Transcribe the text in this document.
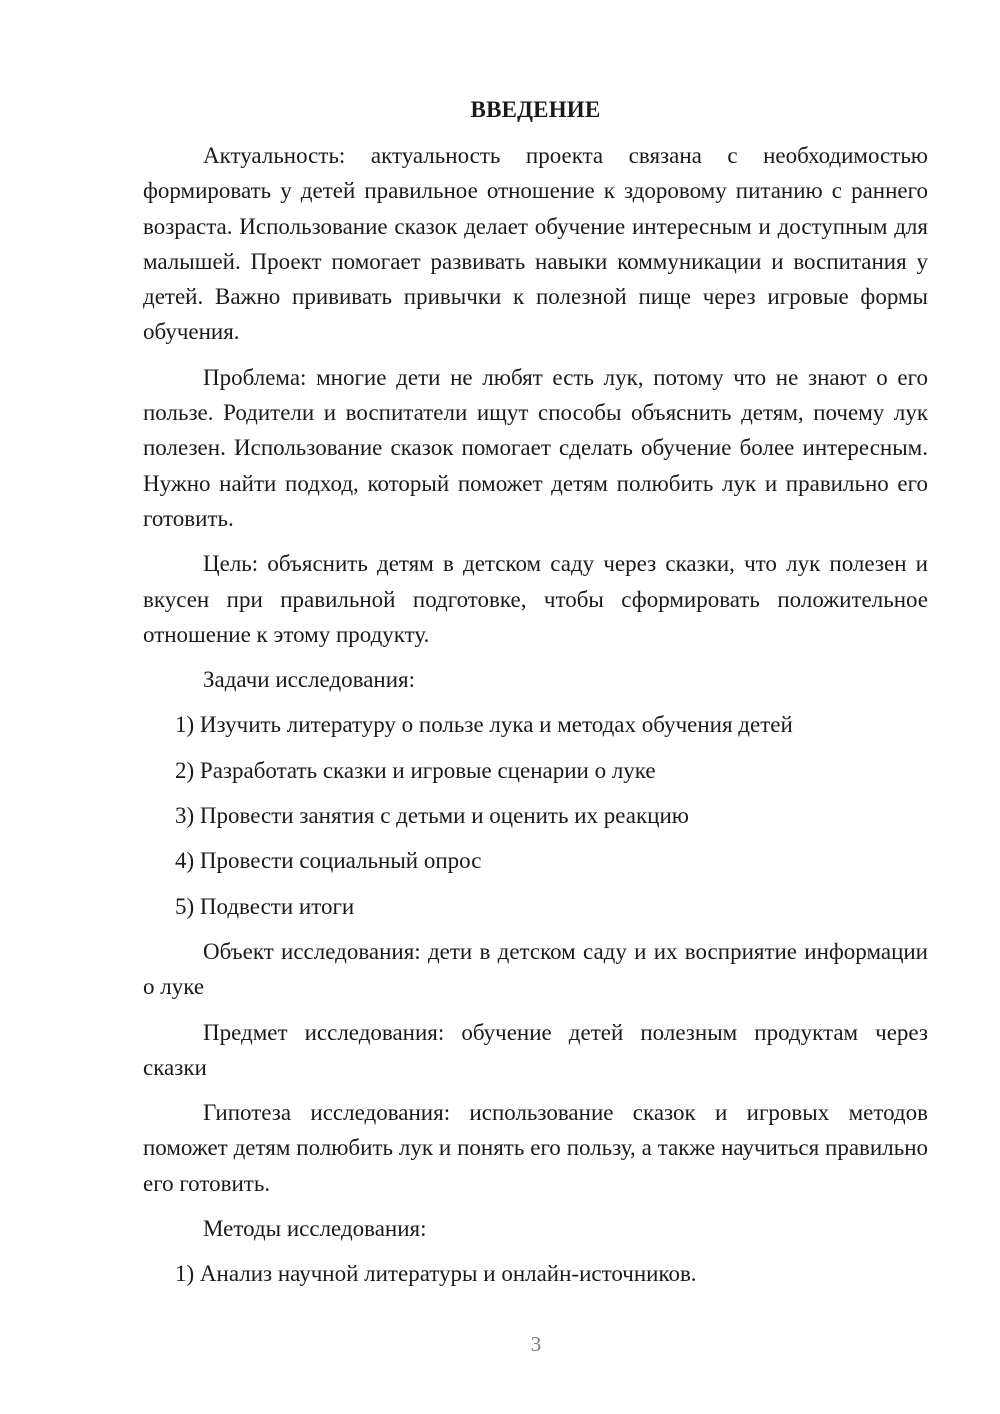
ВВЕДЕНИЕ
Актуальность: актуальность проекта связана с необходимостью формировать у детей правильное отношение к здоровому питанию с раннего возраста. Использование сказок делает обучение интересным и доступным для малышей. Проект помогает развивать навыки коммуникации и воспитания у детей. Важно прививать привычки к полезной пище через игровые формы обучения.
Проблема: многие дети не любят есть лук, потому что не знают о его пользе. Родители и воспитатели ищут способы объяснить детям, почему лук полезен. Использование сказок помогает сделать обучение более интересным. Нужно найти подход, который поможет детям полюбить лук и правильно его готовить.
Цель: объяснить детям в детском саду через сказки, что лук полезен и вкусен при правильной подготовке, чтобы сформировать положительное отношение к этому продукту.
Задачи исследования:
1) Изучить литературу о пользе лука и методах обучения детей
2) Разработать сказки и игровые сценарии о луке
3) Провести занятия с детьми и оценить их реакцию
4) Провести социальный опрос
5) Подвести итоги
Объект исследования: дети в детском саду и их восприятие информации о луке
Предмет исследования: обучение детей полезным продуктам через сказки
Гипотеза исследования: использование сказок и игровых методов поможет детям полюбить лук и понять его пользу, а также научиться правильно его готовить.
Методы исследования:
1) Анализ научной литературы и онлайн-источников.
3
